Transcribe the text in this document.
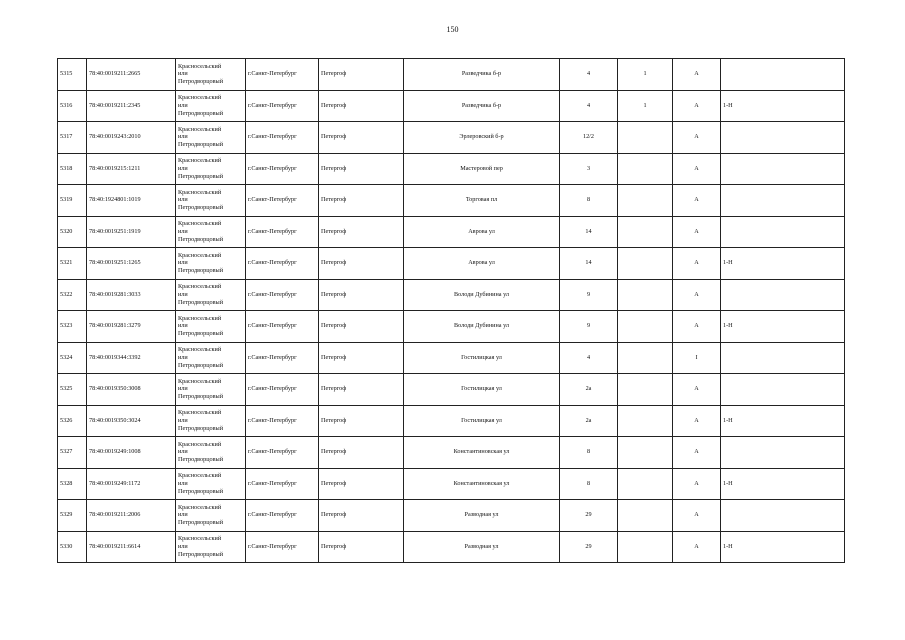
150
5315	78:40:0019211:2665	Красносельский
или
Петродворцовый	г.Санкт-Петербург	Петергоф	Разведчика б-р	4	1	А	
5316	78:40:0019211:2345	Красносельский
или
Петродворцовый	г.Санкт-Петербург	Петергоф	Разведчика б-р	4	1	А	1-Н
5317	78:40:0019243:2010	Красносельский
или
Петродворцовый	г.Санкт-Петербург	Петергоф	Эрлеровский б-р	12/2		А	
5318	78:40:0019215:1211	Красносельский
или
Петродворцовый	г.Санкт-Петербург	Петергоф	Мастеровой пер	3		А	
5319	78:40:1924801:1019	Красносельский
или
Петродворцовый	г.Санкт-Петербург	Петергоф	Торговая пл	8		А	
5320	78:40:0019251:1919	Красносельский
или
Петродворцовый	г.Санкт-Петербург	Петергоф	Аврова ул	14		А	
5321	78:40:0019251:1265	Красносельский
или
Петродворцовый	г.Санкт-Петербург	Петергоф	Аврова ул	14		А	1-Н
5322	78:40:0019281:3033	Красносельский
или
Петродворцовый	г.Санкт-Петербург	Петергоф	Володи Дубинина ул	9		А	
5323	78:40:0019281:3279	Красносельский
или
Петродворцовый	г.Санкт-Петербург	Петергоф	Володи Дубинина ул	9		А	1-Н
5324	78:40:0019344:3392	Красносельский
или
Петродворцовый	г.Санкт-Петербург	Петергоф	Гостилицкая ул	4		I	
5325	78:40:0019350:3008	Красносельский
или
Петродворцовый	г.Санкт-Петербург	Петергоф	Гостилицкая ул	2а		А	
5326	78:40:0019350:3024	Красносельский
или
Петродворцовый	г.Санкт-Петербург	Петергоф	Гостилицкая ул	2а		А	1-Н
5327	78:40:0019249:1008	Красносельский
или
Петродворцовый	г.Санкт-Петербург	Петергоф	Константиновская ул	8		А	
5328	78:40:0019249:1172	Красносельский
или
Петродворцовый	г.Санкт-Петербург	Петергоф	Константиновская ул	8		А	1-Н
5329	78:40:0019211:2006	Красносельский
или
Петродворцовый	г.Санкт-Петербург	Петергоф	Разводная ул	29		А	
5330	78:40:0019211:6614	Красносельский
или
Петродворцовый	г.Санкт-Петербург	Петергоф	Разводная ул	29		А	1-Н
